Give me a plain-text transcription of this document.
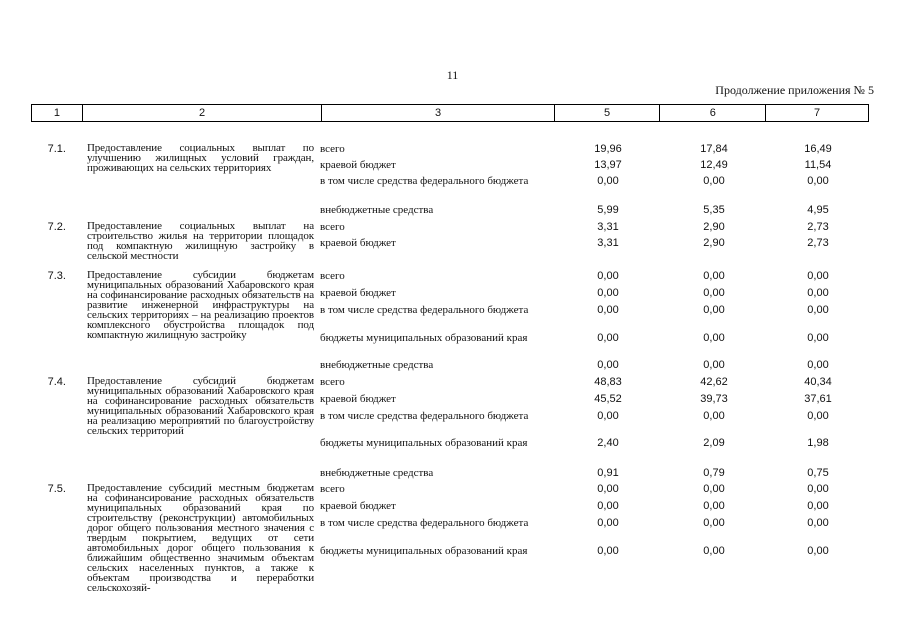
11
Продолжение приложения № 5
1	2	3	5	6	7
7.1. Предоставление социальных выплат по улучшению жилищных условий граждан, проживающих на сельских территориях
всего	19,96	17,84	16,49
краевой бюджет	13,97	12,49	11,54
в том числе средства федерального бюджета	0,00	0,00	0,00
внебюджетные средства	5,99	5,35	4,95
7.2. Предоставление социальных выплат на строительство жилья на территории площадок под компактную жилищную застройку в сельской местности
всего	3,31	2,90	2,73
краевой бюджет	3,31	2,90	2,73
7.3. Предоставление субсидии бюджетам муниципальных образований Хабаровского края на софинансирование расходных обязательств на развитие инженерной инфраструктуры на сельских территориях – на реализацию проектов комплексного обустройства площадок под компактную жилищную застройку
всего	0,00	0,00	0,00
краевой бюджет	0,00	0,00	0,00
в том числе средства федерального бюджета	0,00	0,00	0,00
бюджеты муниципальных образований края	0,00	0,00	0,00
внебюджетные средства	0,00	0,00	0,00
7.4. Предоставление субсидий бюджетам муниципальных образований Хабаровского края на софинансирование расходных обязательств муниципальных образований Хабаровского края на реализацию мероприятий по благоустройству сельских территорий
всего	48,83	42,62	40,34
краевой бюджет	45,52	39,73	37,61
в том числе средства федерального бюджета	0,00	0,00	0,00
бюджеты муниципальных образований края	2,40	2,09	1,98
внебюджетные средства	0,91	0,79	0,75
7.5. Предоставление субсидий местным бюджетам на софинансирование расходных обязательств муниципальных образований края по строительству (реконструкции) автомобильных дорог общего пользования местного значения с твердым покрытием, ведущих от сети автомобильных дорог общего пользования к ближайшим общественно значимым объектам сельских населенных пунктов, а также к объектам производства и переработки сельскохозяй-
всего	0,00	0,00	0,00
краевой бюджет	0,00	0,00	0,00
в том числе средства федерального бюджета	0,00	0,00	0,00
бюджеты муниципальных образований края	0,00	0,00	0,00
